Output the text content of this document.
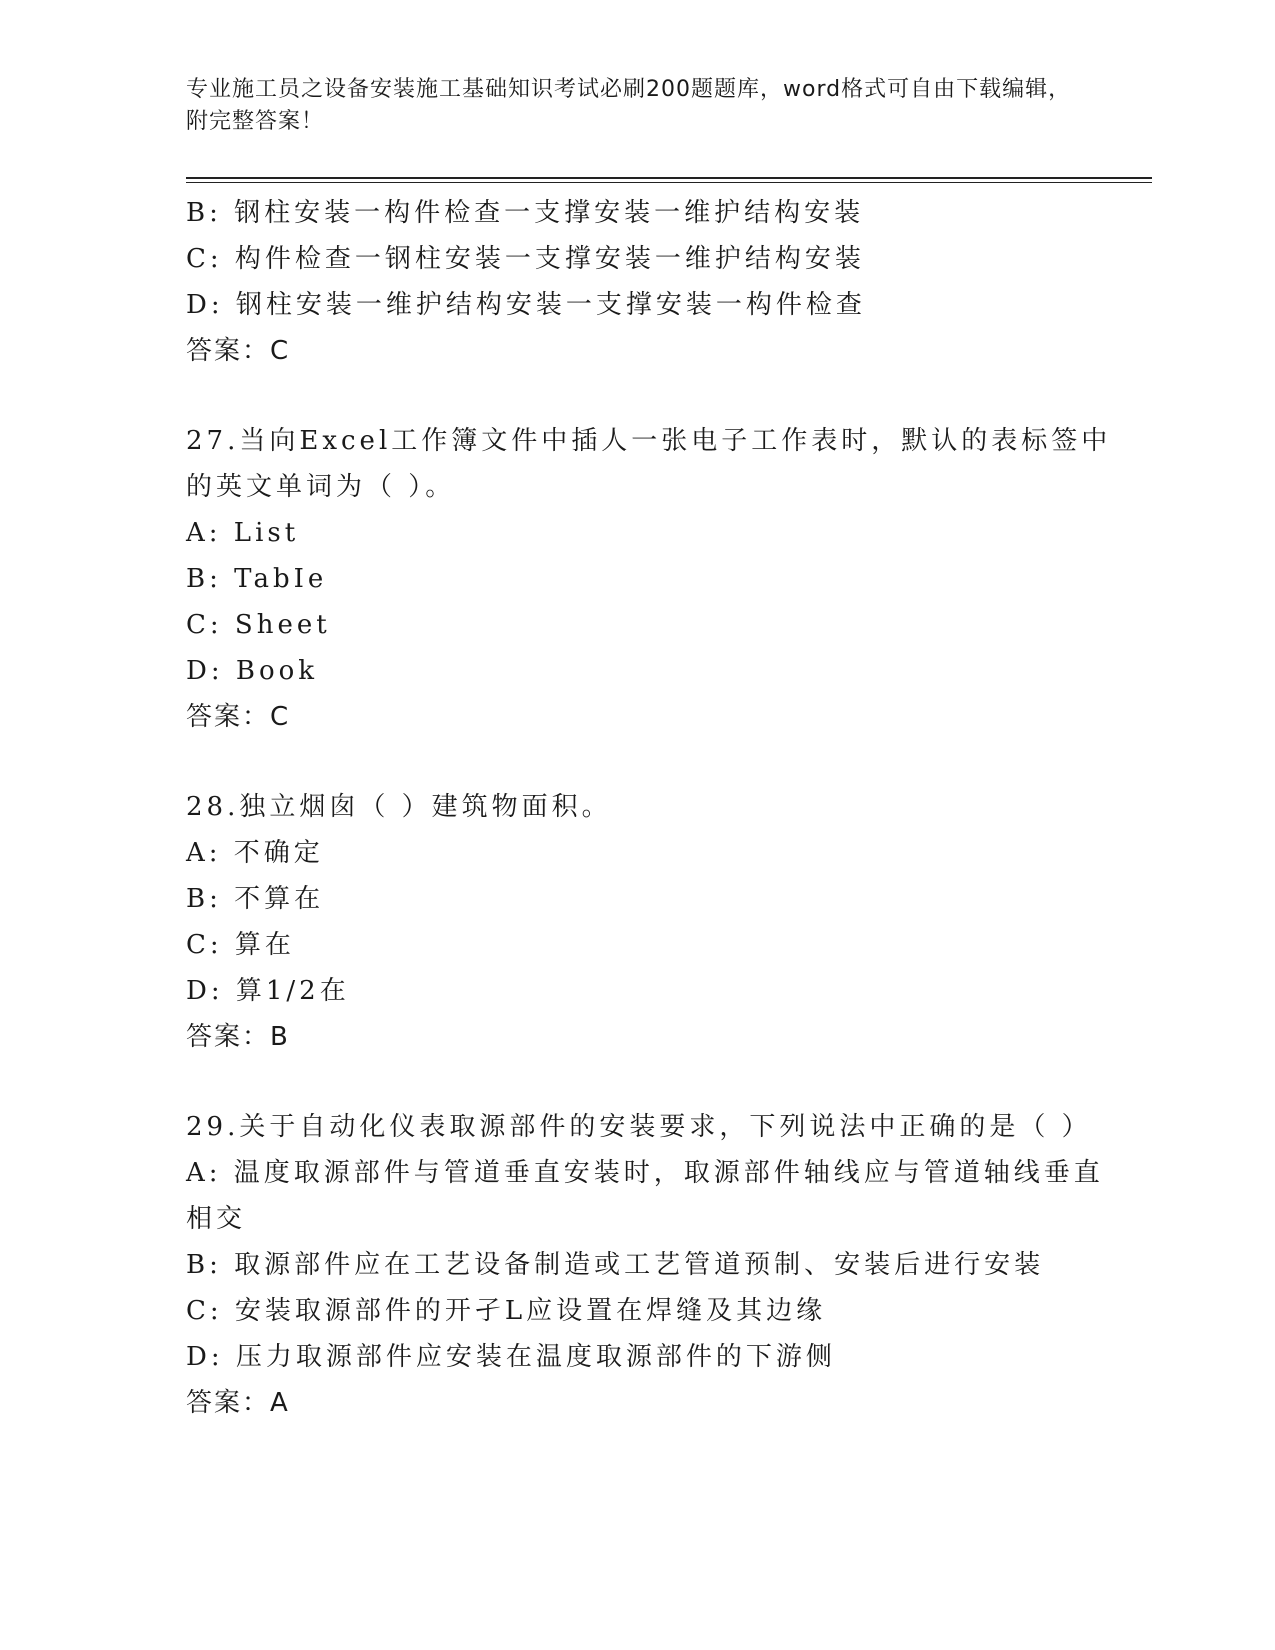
专业施工员之设备安装施工基础知识考试必刷200题题库，word格式可自由下载编辑，附完整答案！
B: 钢柱安装一构件检查一支撑安装一维护结构安装
C: 构件检查一钢柱安装一支撑安装一维护结构安装
D: 钢柱安装一维护结构安装一支撑安装一构件检查
答案：C
27.当向Excel工作簿文件中插人一张电子工作表时，默认的表标签中
的英文单词为（ ）。
A: List
B: TabIe
C: Sheet
D: Book
答案：C
28.独立烟囱（ ）建筑物面积。
A: 不确定
B: 不算在
C: 算在
D: 算1/2在
答案：B
29.关于自动化仪表取源部件的安装要求，下列说法中正确的是（ ）
A: 温度取源部件与管道垂直安装时，取源部件轴线应与管道轴线垂直
相交
B: 取源部件应在工艺设备制造或工艺管道预制、安装后进行安装
C: 安装取源部件的开孑L应设置在焊缝及其边缘
D: 压力取源部件应安装在温度取源部件的下游侧
答案：A
